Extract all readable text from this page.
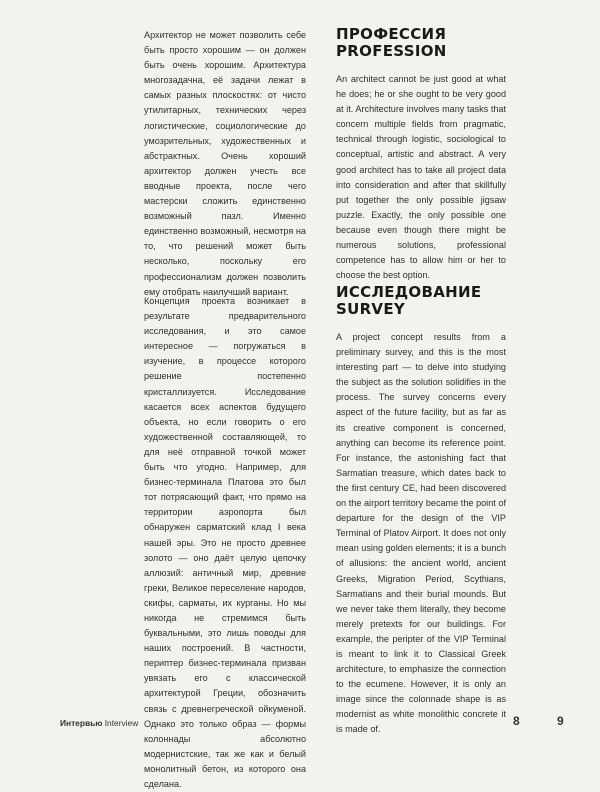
Архитектор не может позволить себе быть просто хорошим — он должен быть очень хорошим. Архитектура многозадачна, её задачи лежат в самых разных плоскостях: от чисто утилитарных, технических через логистические, социологические до умозрительных, художественных и абстрактных. Очень хороший архитектор должен учесть все вводные проекта, после чего мастерски сложить единственно возможный пазл. Именно единственно возможный, несмотря на то, что решений может быть несколько, поскольку его профессионализм должен позволить ему отобрать наилучший вариант.
ПРОФЕССИЯ
PROFESSION
An architect cannot be just good at what he does; he or she ought to be very good at it. Architecture involves many tasks that concern multiple fields from pragmatic, technical through logistic, sociological to conceptual, artistic and abstract. A very good architect has to take all project data into consideration and after that skillfully put together the only possible jigsaw puzzle. Exactly, the only possible one because even though there might be numerous solutions, professional competence has to allow him or her to choose the best option.
Концепция проекта возникает в результате предварительного исследования, и это самое интересное — погружаться в изучение, в процессе которого решение постепенно кристаллизуется. Исследование касается всех аспектов будущего объекта, но если говорить о его художественной составляющей, то для неё отправной точкой может быть что угодно. Например, для бизнес-терминала Платова это был тот потрясающий факт, что прямо на территории аэропорта был обнаружен сарматский клад I века нашей эры. Это не просто древнее золото — оно даёт целую цепочку аллюзий: античный мир, древние греки, Великое переселение народов, скифы, сарматы, их курганы. Но мы никогда не стремимся быть буквальными, это лишь поводы для наших построений. В частности, периптер бизнес-терминала призван увязать его с классической архитектурой Греции, обозначить связь с древнегреческой ойкуменой. Однако это только образ — формы колоннады абсолютно модернистские, так же как и белый монолитный бетон, из которого она сделана.
ИССЛЕДОВАНИЕ
SURVEY
A project concept results from a preliminary survey, and this is the most interesting part — to delve into studying the subject as the solution solidifies in the process. The survey concerns every aspect of the future facility, but as far as its creative component is concerned, anything can become its reference point. For instance, the astonishing fact that Sarmatian treasure, which dates back to the first century CE, had been discovered on the airport territory became the point of departure for the design of the VIP Terminal of Platov Airport. It does not only mean using golden elements; it is a bunch of allusions: the ancient world, ancient Greeks, Migration Period, Scythians, Sarmatians and their burial mounds. But we never take them literally, they become merely pretexts for our buildings. For example, the peripter of the VIP Terminal is meant to link it to Classical Greek architecture, to emphasize the connection to the ecumene. However, it is only an image since the colonnade shape is as modernist as white monolithic concrete it is made of.
Интервью Interview	8	9
